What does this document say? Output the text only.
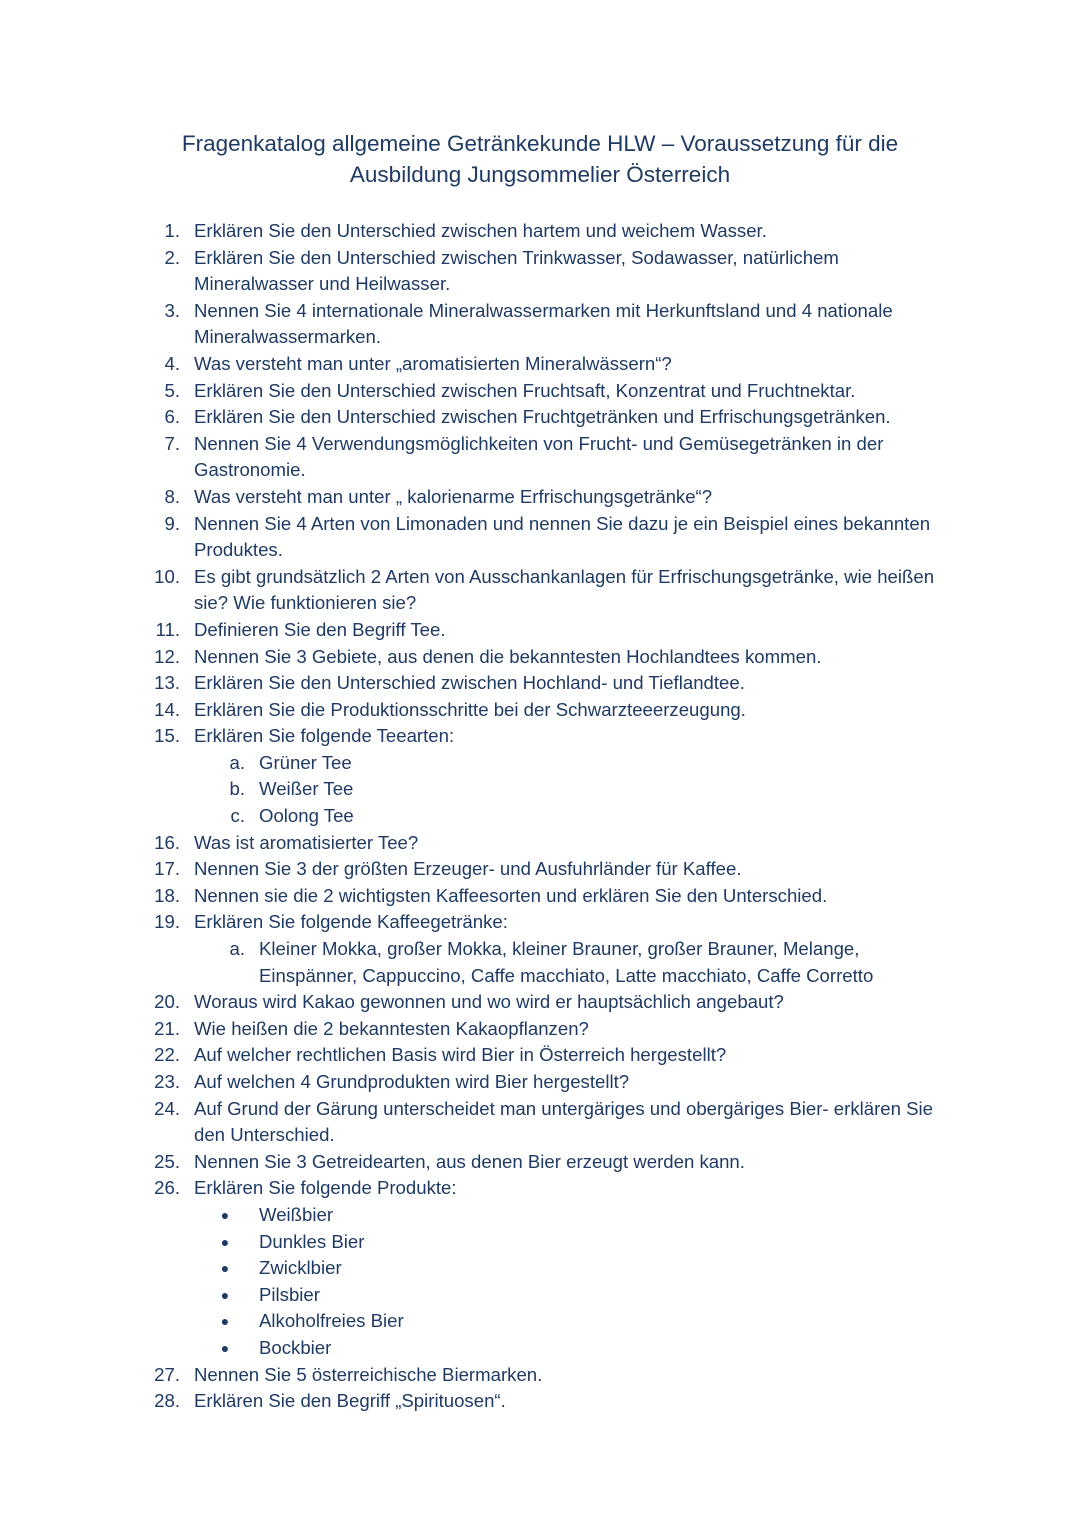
Fragenkatalog allgemeine Getränkekunde HLW – Voraussetzung für die
Ausbildung Jungsommelier Österreich
1. Erklären Sie den Unterschied zwischen hartem und weichem Wasser.
2. Erklären Sie den Unterschied zwischen Trinkwasser, Sodawasser, natürlichem Mineralwasser und Heilwasser.
3. Nennen Sie 4 internationale Mineralwassermarken mit Herkunftsland und 4 nationale Mineralwassermarken.
4. Was versteht man unter „aromatisierten Mineralwässern“?
5. Erklären Sie den Unterschied zwischen Fruchtsaft, Konzentrat und Fruchtnektar.
6. Erklären Sie den Unterschied zwischen Fruchtgetränken und Erfrischungsgetränken.
7. Nennen Sie 4 Verwendungsmöglichkeiten von Frucht- und Gemüsegetränken in der Gastronomie.
8. Was versteht man unter „ kalorienarme Erfrischungsgetränke“?
9. Nennen Sie 4 Arten von Limonaden und nennen Sie dazu je ein Beispiel eines bekannten Produktes.
10. Es gibt grundsätzlich 2 Arten von Ausschankanlagen für Erfrischungsgetränke, wie heißen sie? Wie funktionieren sie?
11. Definieren Sie den Begriff Tee.
12. Nennen Sie 3 Gebiete, aus denen die bekanntesten Hochlandtees kommen.
13. Erklären Sie den Unterschied zwischen Hochland- und Tieflandtee.
14. Erklären Sie die Produktionsschritte bei der Schwarzteeerzeugung.
15. Erklären Sie folgende Teearten:
a. Grüner Tee
b. Weißer Tee
c. Oolong Tee
16. Was ist aromatisierter Tee?
17. Nennen Sie 3 der größten Erzeuger- und Ausfuhrländer für Kaffee.
18. Nennen sie die 2 wichtigsten Kaffeesorten und erklären Sie den Unterschied.
19. Erklären Sie folgende Kaffeegetränke:
a. Kleiner Mokka, großer Mokka, kleiner Brauner, großer Brauner, Melange, Einspänner, Cappuccino, Caffe macchiato, Latte macchiato, Caffe Corretto
20. Woraus wird Kakao gewonnen und wo wird er hauptsächlich angebaut?
21. Wie heißen die 2 bekanntesten Kakaopflanzen?
22. Auf welcher rechtlichen Basis wird Bier in Österreich hergestellt?
23. Auf welchen 4 Grundprodukten wird Bier hergestellt?
24. Auf Grund der Gärung unterscheidet man untergäriges und obergäriges Bier- erklären Sie den Unterschied.
25. Nennen Sie 3 Getreidearten, aus denen Bier erzeugt werden kann.
26. Erklären Sie folgende Produkte:
●	Weißbier
●	Dunkles Bier
●	Zwicklbier
●	Pilsbier
●	Alkoholfreies Bier
●	Bockbier
27. Nennen Sie 5 österreichische Biermarken.
28. Erklären Sie den Begriff „Spirituosen“.
